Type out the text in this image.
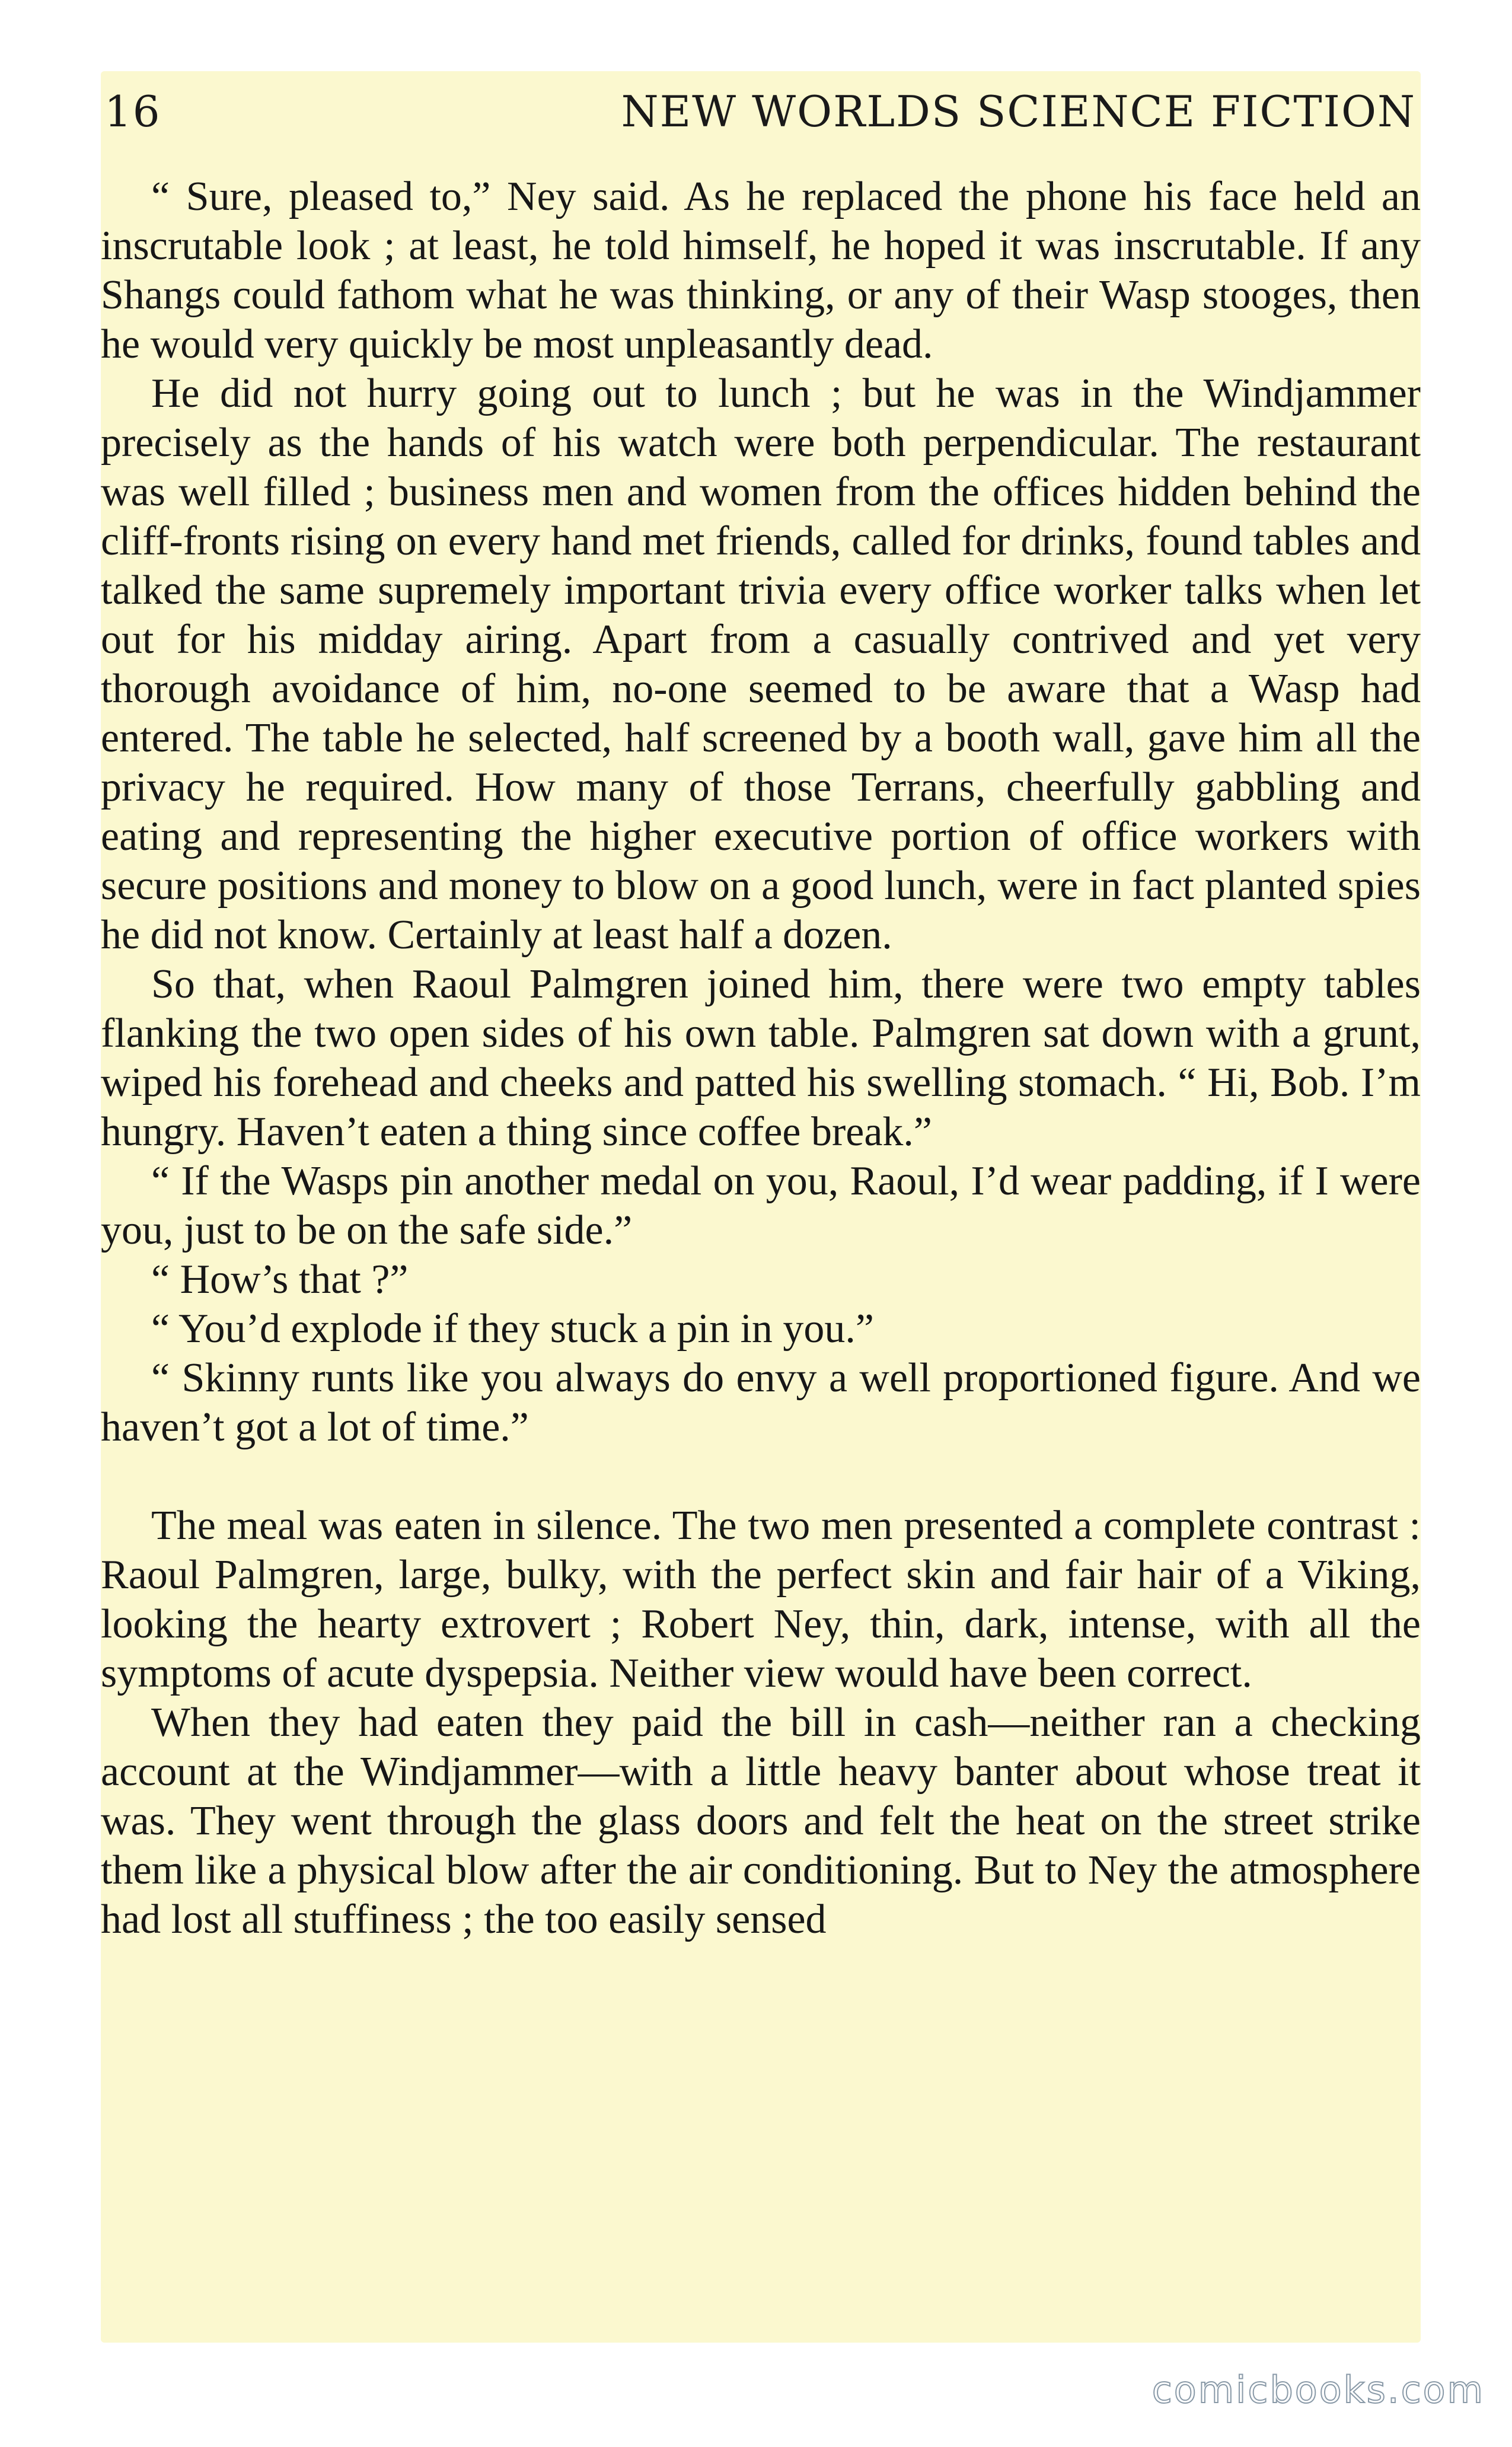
16	NEW WORLDS SCIENCE FICTION

“ Sure, pleased to,” Ney said. As he replaced the phone his face held an inscrutable look ; at least, he told himself, he hoped it was inscrutable. If any Shangs could fathom what he was thinking, or any of their Wasp stooges, then he would very quickly be most unpleasantly dead.

He did not hurry going out to lunch ; but he was in the Windjammer precisely as the hands of his watch were both perpendicular. The restaurant was well filled ; business men and women from the offices hidden behind the cliff-fronts rising on every hand met friends, called for drinks, found tables and talked the same supremely important trivia every office worker talks when let out for his midday airing. Apart from a casually contrived and yet very thorough avoidance of him, no-one seemed to be aware that a Wasp had entered. The table he selected, half screened by a booth wall, gave him all the privacy he required. How many of those Terrans, cheerfully gabbling and eating and representing the higher executive portion of office workers with secure positions and money to blow on a good lunch, were in fact planted spies he did not know. Certainly at least half a dozen.

So that, when Raoul Palmgren joined him, there were two empty tables flanking the two open sides of his own table. Palmgren sat down with a grunt, wiped his forehead and cheeks and patted his swelling stomach. “ Hi, Bob. I’m hungry. Haven’t eaten a thing since coffee break.”

“ If the Wasps pin another medal on you, Raoul, I’d wear padding, if I were you, just to be on the safe side.”

“ How’s that ?”

“ You’d explode if they stuck a pin in you.”

“ Skinny runts like you always do envy a well proportioned figure. And we haven’t got a lot of time.”

The meal was eaten in silence. The two men presented a complete contrast : Raoul Palmgren, large, bulky, with the perfect skin and fair hair of a Viking, looking the hearty extrovert ; Robert Ney, thin, dark, intense, with all the symptoms of acute dyspepsia. Neither view would have been correct.

When they had eaten they paid the bill in cash—neither ran a checking account at the Windjammer—with a little heavy banter about whose treat it was. They went through the glass doors and felt the heat on the street strike them like a physical blow after the air conditioning. But to Ney the atmosphere had lost all stuffiness ; the too easily sensed

comicbooks.com
